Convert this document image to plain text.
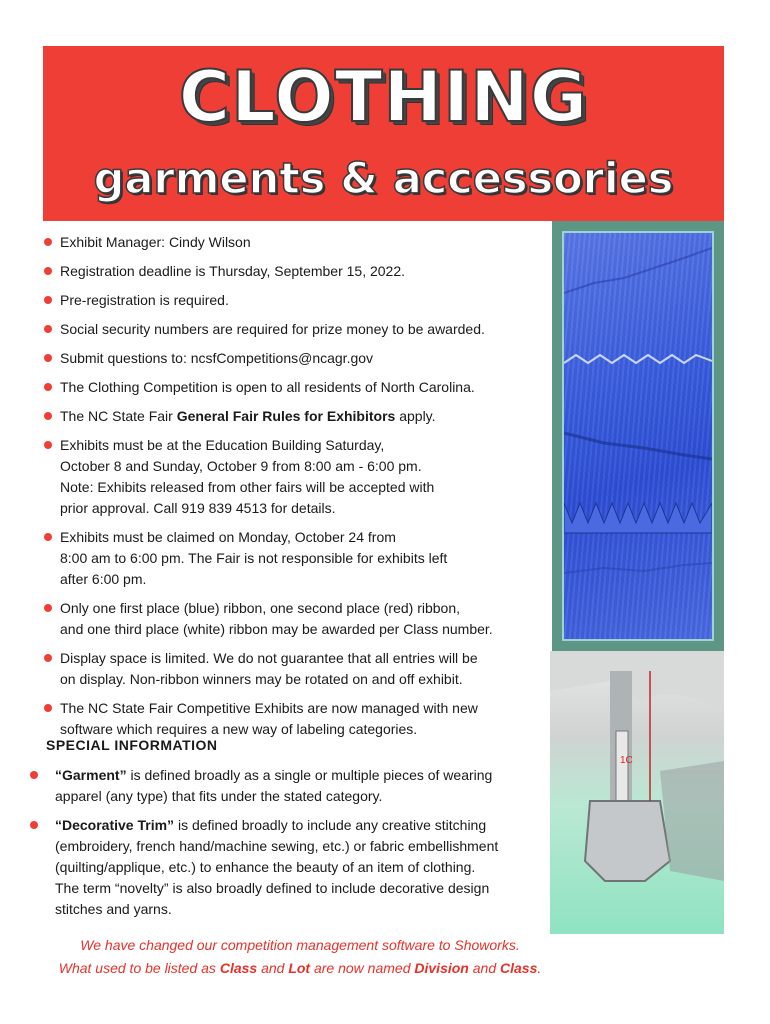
CLOTHING
garments & accessories
1C
Exhibit Manager: Cindy Wilson
Registration deadline is Thursday, September 15, 2022.
Pre-registration is required.
Social security numbers are required for prize money to be awarded.
Submit questions to: ncsfCompetitions@ncagr.gov
The Clothing Competition is open to all residents of North Carolina.
The NC State Fair General Fair Rules for Exhibitors apply.
Exhibits must be at the Education Building Saturday,
October 8 and Sunday, October 9 from 8:00 am - 6:00 pm.
Note: Exhibits released from other fairs will be accepted with
prior approval. Call 919 839 4513 for details.
Exhibits must be claimed on Monday, October 24 from
8:00 am to 6:00 pm. The Fair is not responsible for exhibits left
after 6:00 pm.
Only one first place (blue) ribbon, one second place (red) ribbon,
and one third place (white) ribbon may be awarded per Class number.
Display space is limited. We do not guarantee that all entries will be
on display. Non-ribbon winners may be rotated on and off exhibit.
The NC State Fair Competitive Exhibits are now managed with new
software which requires a new way of labeling categories.
SPECIAL INFORMATION
“Garment” is defined broadly as a single or multiple pieces of wearing
apparel (any type) that fits under the stated category.
“Decorative Trim” is defined broadly to include any creative stitching
(embroidery, french hand/machine sewing, etc.) or fabric embellishment
(quilting/applique, etc.) to enhance the beauty of an item of clothing.
The term “novelty” is also broadly defined to include decorative design
stitches and yarns.
We have changed our competition management software to Showorks.
What used to be listed as Class and Lot are now named Division and Class.
